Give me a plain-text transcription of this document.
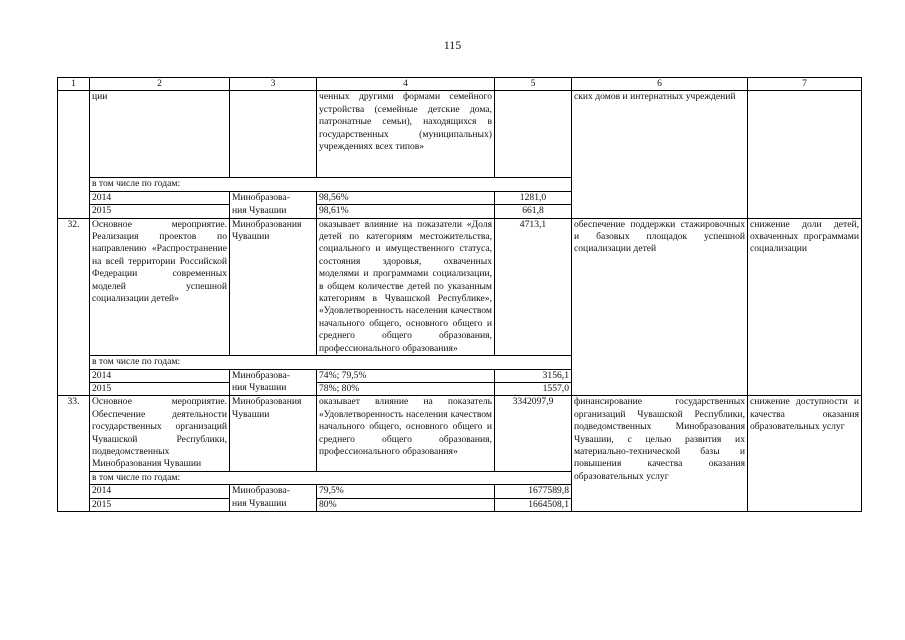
115
1	2	3	4	5	6	7
	ции		ченных другими формами семейного устройства (семейные детские дома, патронатные семьи), находящихся в государственных (муниципальных) учреждениях всех типов»		ских домов и интернатных учреждений	
	в том числе по годам:					
	2014	Минобразова-	98,56%	1281,0		
	2015	ния Чувашии	98,61%	661,8		
32.	Основное мероприятие. Реализация проектов по направлению «Распространение на всей территории Российской Федерации современных моделей успешной социализации детей»	Минобразования Чувашии	оказывает влияние на показатели «Доля детей по категориям местожительства, социального и имущественного статуса, состояния здоровья, охваченных моделями и программами социализации, в общем количестве детей по указанным категориям в Чувашской Республике», «Удовлетворенность населения качеством начального общего, основного общего и среднего общего образования, профессионального образования»	4713,1	обеспечение поддержки стажировочных и базовых площадок успешной социализации детей	снижение доли детей, охваченных программами социализации
	в том числе по годам:					
	2014	Минобразова-	74%; 79,5%	3156,1		
	2015	ния Чувашии	78%; 80%	1557,0		
33.	Основное мероприятие. Обеспечение деятельности государственных организаций Чувашской Республики, подведомственных Минобразования Чувашии	Минобразования Чувашии	оказывает влияние на показатель «Удовлетворенность населения качеством начального общего, основного общего и среднего общего образования, профессионального образования»	3342097,9	финансирование государственных организаций Чувашской Республики, подведомственных Минобразования Чувашии, с целью развития их материально-технической базы и повышения качества оказания образовательных услуг	снижение доступности и качества оказания образовательных услуг
	в том числе по годам:					
	2014	Минобразова-	79,5%	1677589,8		
	2015	ния Чувашии	80%	1664508,1		
